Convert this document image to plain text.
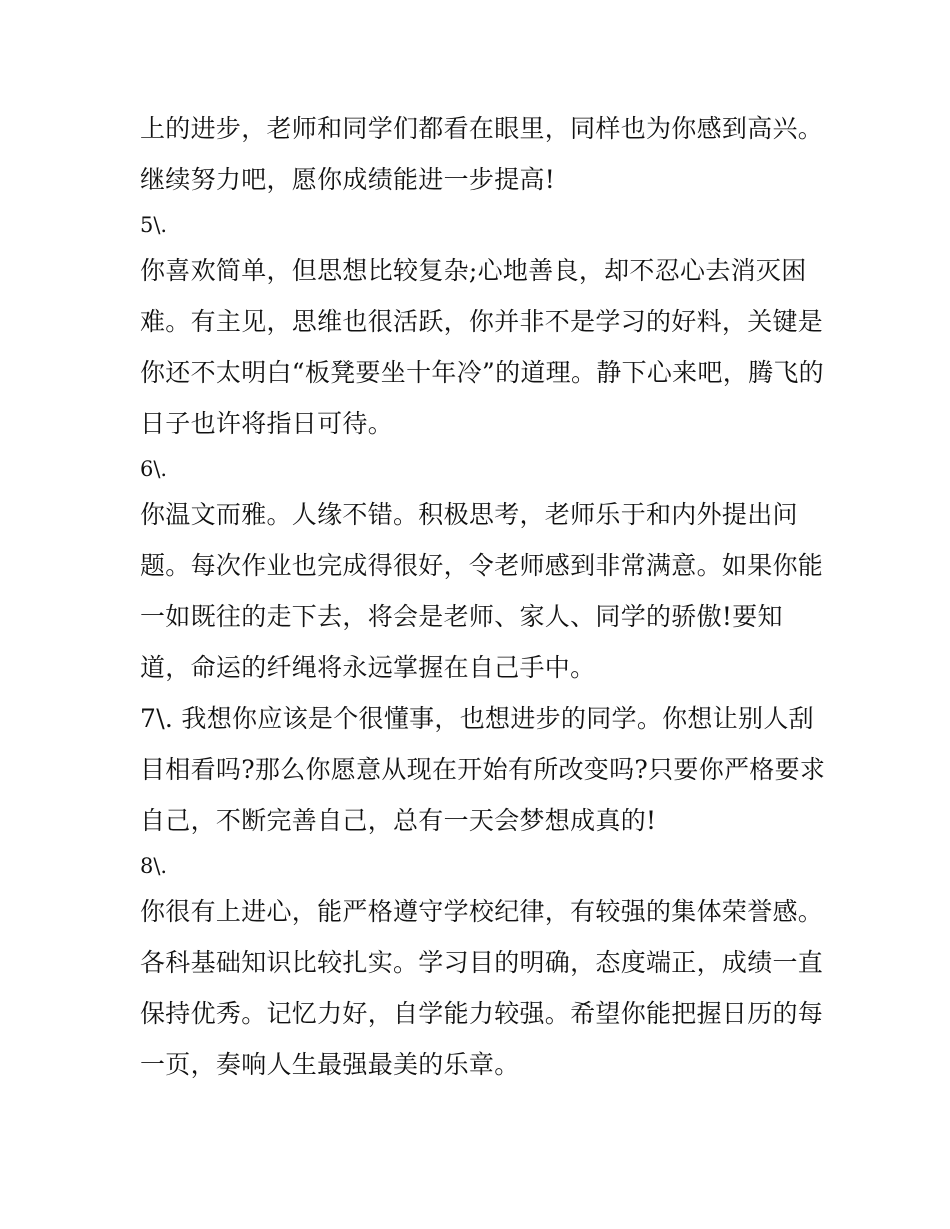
上的进步，老师和同学们都看在眼里，同样也为你感到高兴。
继续努力吧，愿你成绩能进一步提高!
5\.
你喜欢简单，但思想比较复杂;心地善良，却不忍心去消灭困
难。有主见，思维也很活跃，你并非不是学习的好料，关键是
你还不太明白“板凳要坐十年冷”的道理。静下心来吧，腾飞的
日子也许将指日可待。
6\.
你温文而雅。人缘不错。积极思考，老师乐于和内外提出问
题。每次作业也完成得很好，令老师感到非常满意。如果你能
一如既往的走下去，将会是老师、家人、同学的骄傲!要知
道，命运的纤绳将永远掌握在自己手中。
7\. 我想你应该是个很懂事，也想进步的同学。你想让别人刮
目相看吗?那么你愿意从现在开始有所改变吗?只要你严格要求
自己，不断完善自己，总有一天会梦想成真的!
8\.
你很有上进心，能严格遵守学校纪律，有较强的集体荣誉感。
各科基础知识比较扎实。学习目的明确，态度端正，成绩一直
保持优秀。记忆力好，自学能力较强。希望你能把握日历的每
一页，奏响人生最强最美的乐章。
